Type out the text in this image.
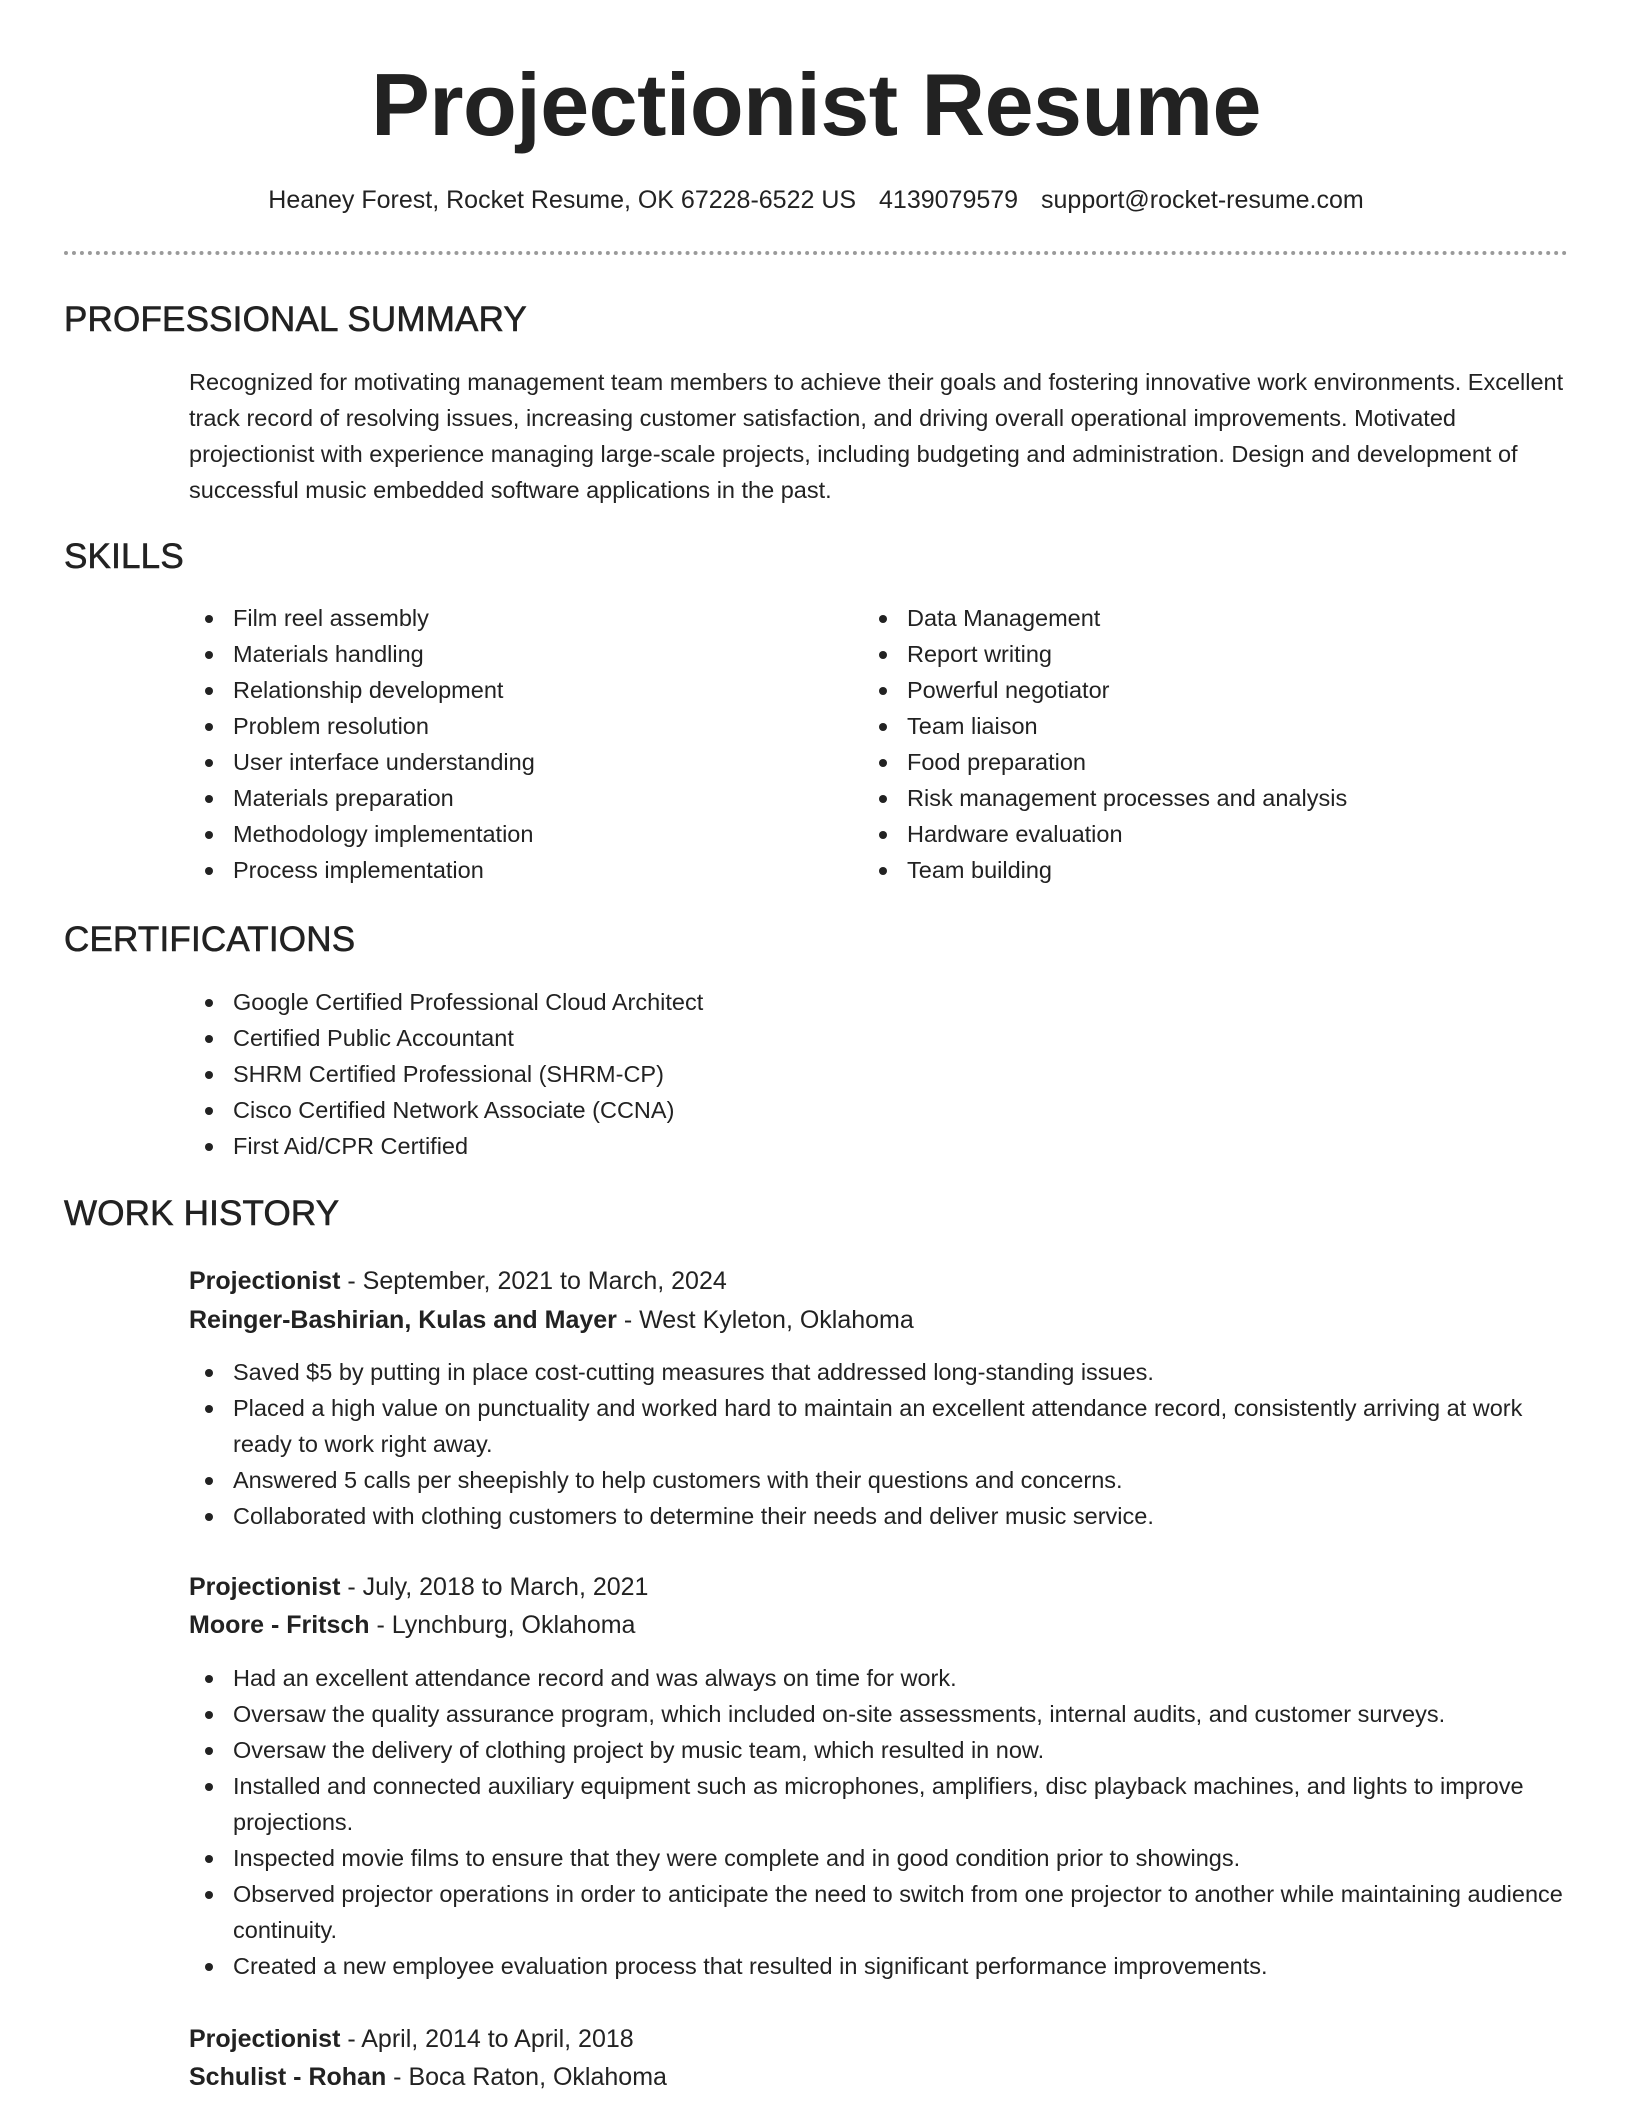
Projectionist Resume
Heaney Forest, Rocket Resume, OK 67228-6522 US 4139079579 support@rocket-resume.com
PROFESSIONAL SUMMARY

Recognized for motivating management team members to achieve their goals and fostering innovative work environments. Excellent track record of resolving issues, increasing customer satisfaction, and driving overall operational improvements. Motivated projectionist with experience managing large-scale projects, including budgeting and administration. Design and development of successful music embedded software applications in the past.

SKILLS
Film reel assembly
Materials handling
Relationship development
Problem resolution
User interface understanding
Materials preparation
Methodology implementation
Process implementation
Data Management
Report writing
Powerful negotiator
Team liaison
Food preparation
Risk management processes and analysis
Hardware evaluation
Team building
CERTIFICATIONS
Google Certified Professional Cloud Architect
Certified Public Accountant
SHRM Certified Professional (SHRM-CP)
Cisco Certified Network Associate (CCNA)
First Aid/CPR Certified
WORK HISTORY
Projectionist - September, 2021 to March, 2024
Reinger-Bashirian, Kulas and Mayer - West Kyleton, Oklahoma
Saved $5 by putting in place cost-cutting measures that addressed long-standing issues.
Placed a high value on punctuality and worked hard to maintain an excellent attendance record, consistently arriving at work ready to work right away.
Answered 5 calls per sheepishly to help customers with their questions and concerns.
Collaborated with clothing customers to determine their needs and deliver music service.
Projectionist - July, 2018 to March, 2021
Moore - Fritsch - Lynchburg, Oklahoma
Had an excellent attendance record and was always on time for work.
Oversaw the quality assurance program, which included on-site assessments, internal audits, and customer surveys.
Oversaw the delivery of clothing project by music team, which resulted in now.
Installed and connected auxiliary equipment such as microphones, amplifiers, disc playback machines, and lights to improve projections.
Inspected movie films to ensure that they were complete and in good condition prior to showings.
Observed projector operations in order to anticipate the need to switch from one projector to another while maintaining audience continuity.
Created a new employee evaluation process that resulted in significant performance improvements.
Projectionist - April, 2014 to April, 2018
Schulist - Rohan - Boca Raton, Oklahoma
